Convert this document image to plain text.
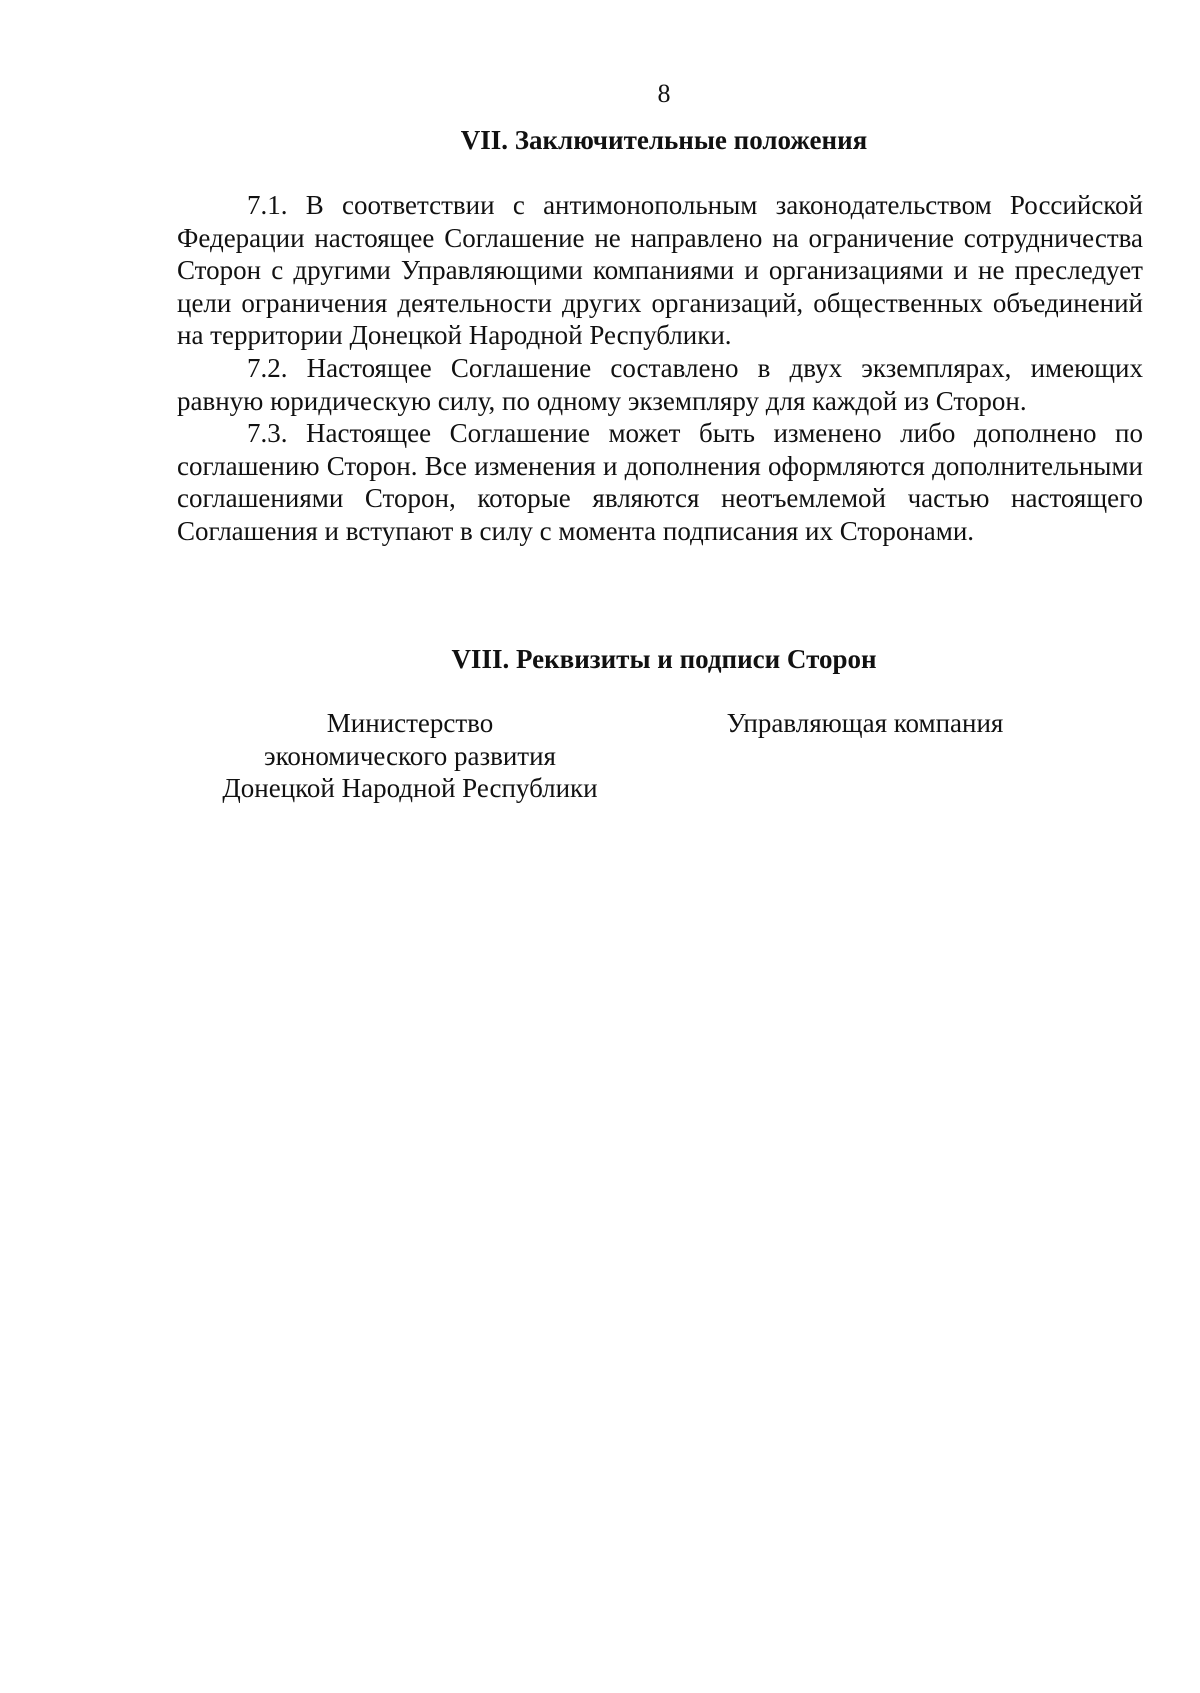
8
VII. Заключительные положения

7.1. В соответствии с антимонопольным законодательством Российской Федерации настоящее Соглашение не направлено на ограничение сотрудничества Сторон с другими Управляющими компаниями и организациями и не преследует цели ограничения деятельности других организаций, общественных объединений на территории Донецкой Народной Республики.

7.2. Настоящее Соглашение составлено в двух экземплярах, имеющих равную юридическую силу, по одному экземпляру для каждой из Сторон.

7.3. Настоящее Соглашение может быть изменено либо дополнено по соглашению Сторон. Все изменения и дополнения оформляются дополнительными соглашениями Сторон, которые являются неотъемлемой частью настоящего Соглашения и вступают в силу с момента подписания их Сторонами.

VIII. Реквизиты и подписи Сторон
Министерство
экономического развития
Донецкой Народной Республики
Управляющая компания
